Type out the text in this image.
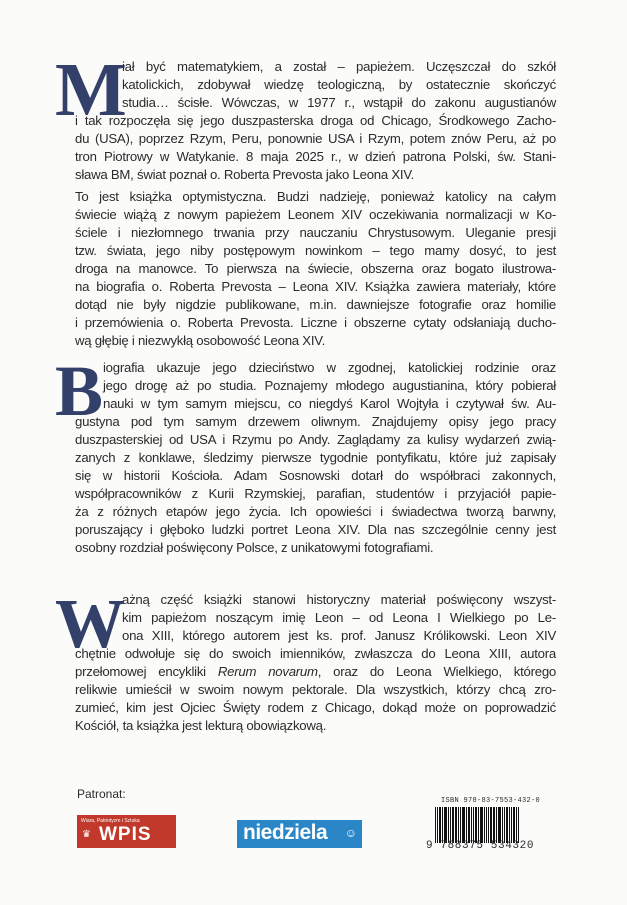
M
iał być matematykiem, a został – papieżem. Uczęszczał do szkół
katolickich, zdobywał wiedzę teologiczną, by ostatecznie skończyć
studia… ścisłe. Wówczas, w 1977 r., wstąpił do zakonu augustianów
i tak rozpoczęła się jego duszpasterska droga od Chicago, Środkowego Zacho-
du (USA), poprzez Rzym, Peru, ponownie USA i Rzym, potem znów Peru, aż po
tron Piotrowy w Watykanie. 8 maja 2025 r., w dzień patrona Polski, św. Stani-
sława BM, świat poznał o. Roberta Prevosta jako Leona XIV.
To jest książka optymistyczna. Budzi nadzieję, ponieważ katolicy na całym
świecie wiążą z nowym papieżem Leonem XIV oczekiwania normalizacji w Ko-
ściele i niezłomnego trwania przy nauczaniu Chrystusowym. Uleganie presji
tzw. świata, jego niby postępowym nowinkom – tego mamy dosyć, to jest
droga na manowce. To pierwsza na świecie, obszerna oraz bogato ilustrowa-
na biografia o. Roberta Prevosta – Leona XIV. Książka zawiera materiały, które
dotąd nie były nigdzie publikowane, m.in. dawniejsze fotografie oraz homilie
i przemówienia o. Roberta Prevosta. Liczne i obszerne cytaty odsłaniają ducho-
wą głębię i niezwykłą osobowość Leona XIV.
B iografia ukazuje jego dzieciństwo w zgodnej, katolickiej rodzinie oraz
jego drogę aż po studia. Poznajemy młodego augustianina, który pobierał
nauki w tym samym miejscu, co niegdyś Karol Wojtyła i czytywał św. Au-
gustyna pod tym samym drzewem oliwnym. Znajdujemy opisy jego pracy
duszpasterskiej od USA i Rzymu po Andy. Zaglądamy za kulisy wydarzeń zwią-
zanych z konklawe, śledzimy pierwsze tygodnie pontyfikatu, które już zapisały
się w historii Kościoła. Adam Sosnowski dotarł do współbraci zakonnych,
współpracowników z Kurii Rzymskiej, parafian, studentów i przyjaciół papie-
ża z różnych etapów jego życia. Ich opowieści i świadectwa tworzą barwny,
poruszający i głęboko ludzki portret Leona XIV. Dla nas szczególnie cenny jest
osobny rozdział poświęcony Polsce, z unikatowymi fotografiami.
W
ażną część książki stanowi historyczny materiał poświęcony wszyst-
kim papieżom noszącym imię Leon – od Leona I Wielkiego po Le-
ona XIII, którego autorem jest ks. prof. Janusz Królikowski. Leon XIV
chętnie odwołuje się do swoich imienników, zwłaszcza do Leona XIII, autora
przełomowej encykliki Rerum novarum, oraz do Leona Wielkiego, którego
relikwie umieścił w swoim nowym pektorale. Dla wszystkich, którzy chcą zro-
zumieć, kim jest Ojciec Święty rodem z Chicago, dokąd może on poprowadzić
Kościół, ta książka jest lekturą obowiązkową.
Patronat:
Wiara, Patriotyzm i Sztuka
♛ WPIS	niedziela ☺
ISBN 978-83-7553-432-0
9 788375 534320
